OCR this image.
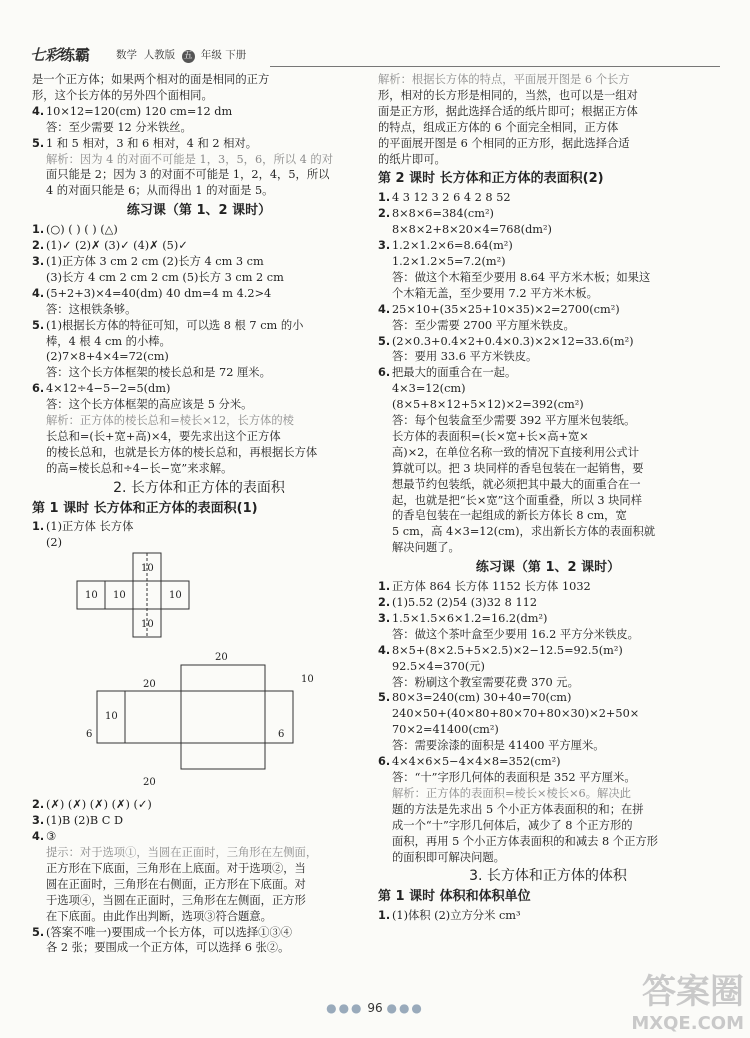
七彩练霸 数学 人教版 五 年级 下册

是一个正方体；如果两个相对的面是相同的正方

形，这个长方体的另外四个面相同。

4. 10×12=120(cm) 120 cm=12 dm

答：至少需要 12 分米铁丝。

5. 1 和 5 相对，3 和 6 相对，4 和 2 相对。

解析：因为 4 的对面不可能是 1，3，5，6，所以 4 的对

面只能是 2；因为 3 的对面不可能是 1，2，4，5，所以

4 的对面只能是 6；从而得出 1 的对面是 5。

练习课（第 1、2 课时）

1. (○) ( ) ( ) (△)

2. (1)✓ (2)✗ (3)✓ (4)✗ (5)✓

3. (1)正方体 3 cm 2 cm (2)长方 4 cm 3 cm

(3)长方 4 cm 2 cm 2 cm (5)长方 3 cm 2 cm

4. (5+2+3)×4=40(dm) 40 dm=4 m 4.2>4

答：这根铁条够。

5. (1)根据长方体的特征可知，可以选 8 根 7 cm 的小

棒，4 根 4 cm 的小棒。

(2)7×8+4×4=72(cm)

答：这个长方体框架的棱长总和是 72 厘米。

6. 4×12÷4−5−2=5(dm)

答：这个长方体框架的高应该是 5 分米。

解析：正方体的棱长总和=棱长×12，长方体的棱

长总和=(长+宽+高)×4，要先求出这个正方体

的棱长总和，也就是长方体的棱长总和，再根据长方体

的高=棱长总和÷4−长−宽”来求解。

2. 长方体和正方体的表面积
第 1 课时 长方体和正方体的表面积(1)

1. (1)正方体 长方体

(2)

10
10 10	10
10
20
20	10
10
6	6
20

2. (✗) (✗) (✗) (✗) (✓)

3. (1)B (2)B C D

4. ③

提示：对于选项①，当圆在正面时，三角形在左侧面，

正方形在下底面，三角形在上底面。对于选项②，当

圆在正面时，三角形在右侧面，正方形在下底面。对

于选项④，当圆在正面时，三角形在左侧面，正方形

在下底面。由此作出判断，选项③符合题意。

5. (答案不唯一)要围成一个长方体，可以选择①③④

各 2 张；要围成一个正方体，可以选择 6 张②。

解析：根据长方体的特点，平面展开图是 6 个长方

形，相对的长方形是相同的，当然，也可以是一组对

面是正方形，据此选择合适的纸片即可；根据正方体

的特点，组成正方体的 6 个面完全相同，正方体

的平面展开图是 6 个相同的正方形，据此选择合适

的纸片即可。

第 2 课时 长方体和正方体的表面积(2)

1. 4 3 12 3 2 6 4 2 8 52

2. 8×8×6=384(cm²)

8×8×2+8×20×4=768(dm²)

3. 1.2×1.2×6=8.64(m²)

1.2×1.2×5=7.2(m²)

答：做这个木箱至少要用 8.64 平方米木板；如果这

个木箱无盖，至少要用 7.2 平方米木板。

4. 25×10+(35×25+10×35)×2=2700(cm²)

答：至少需要 2700 平方厘米铁皮。

5. (2×0.3+0.4×2+0.4×0.3)×2×12=33.6(m²)

答：要用 33.6 平方米铁皮。

6. 把最大的面重合在一起。

4×3=12(cm)

(8×5+8×12+5×12)×2=392(cm²)

答：每个包装盒至少需要 392 平方厘米包装纸。

长方体的表面积=(长×宽+长×高+宽×

高)×2，在单位名称一致的情况下直接利用公式计

算就可以。把 3 块同样的香皂包装在一起销售，要

想最节约包装纸，就必须把其中最大的面重合在一

起，也就是把“长×宽”这个面重叠，所以 3 块同样

的香皂包装在一起组成的新长方体长 8 cm，宽

5 cm，高 4×3=12(cm)，求出新长方体的表面积就

解决问题了。

练习课（第 1、2 课时）

1. 正方体 864 长方体 1152 长方体 1032

2. (1)5.52 (2)54 (3)32 8 112

3. 1.5×1.5×6×1.2=16.2(dm²)

答：做这个茶叶盒至少要用 16.2 平方分米铁皮。

4. 8×5+(8×2.5+5×2.5)×2−12.5=92.5(m²)

92.5×4=370(元)

答：粉刷这个教室需要花费 370 元。

5. 80×3=240(cm) 30+40=70(cm)

240×50+(40×80+80×70+80×30)×2+50×

70×2=41400(cm²)

答：需要涂漆的面积是 41400 平方厘米。

6. 4×4×6×5−4×4×8=352(cm²)

答：“十”字形几何体的表面积是 352 平方厘米。

解析：正方体的表面积=棱长×棱长×6。解决此

题的方法是先求出 5 个小正方体表面积的和；在拼

成一个“十”字形几何体后，减少了 8 个正方形的

面积，再用 5 个小正方体表面积的和减去 8 个正方形

的面积即可解决问题。

3. 长方体和正方体的体积
第 1 课时 体积和体积单位

1. (1)体积 (2)立方分米 cm³

●●● 96 ●●●	答案圈
MXQE.COM
